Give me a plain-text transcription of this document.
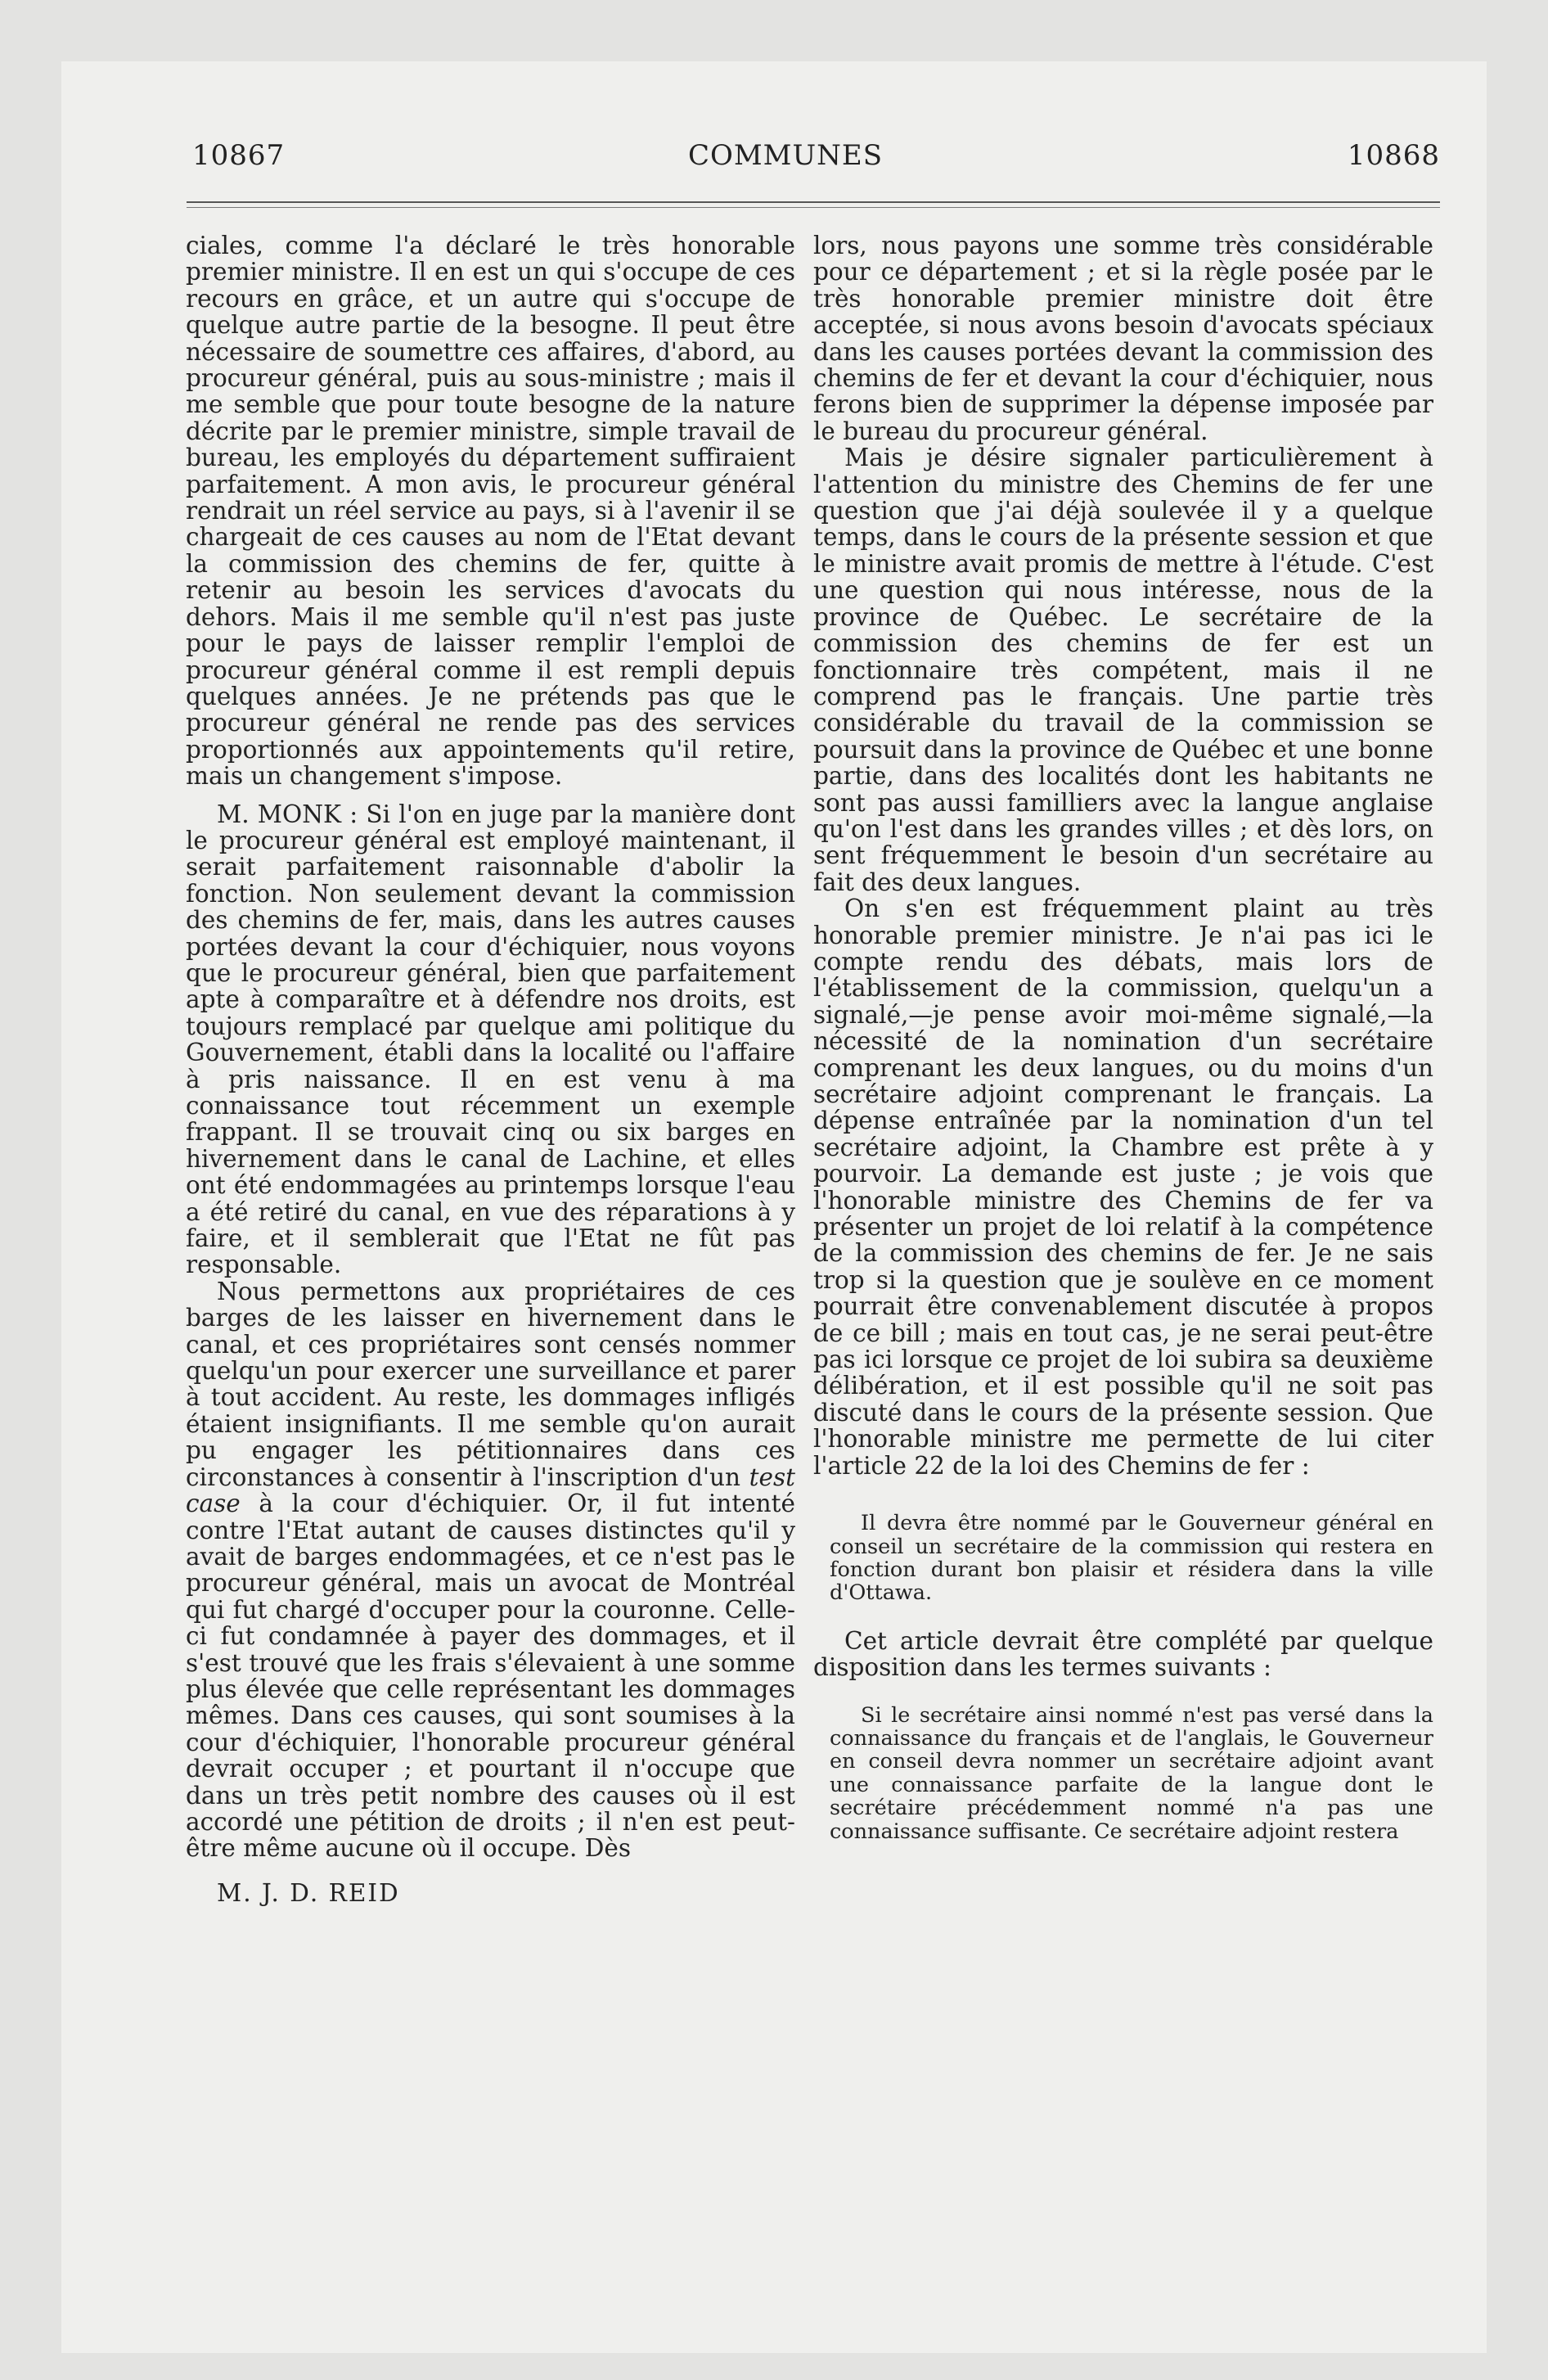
10867	COMMUNES	10868

ciales, comme l'a déclaré le très honorable premier ministre. Il en est un qui s'occupe de ces recours en grâce, et un autre qui s'occupe de quelque autre partie de la besogne. Il peut être nécessaire de soumettre ces affaires, d'abord, au procureur général, puis au sous-ministre ; mais il me semble que pour toute besogne de la nature décrite par le premier ministre, simple travail de bureau, les employés du département suffiraient parfaitement. A mon avis, le procureur général rendrait un réel service au pays, si à l'avenir il se chargeait de ces causes au nom de l'Etat devant la commission des chemins de fer, quitte à retenir au besoin les services d'avocats du dehors. Mais il me semble qu'il n'est pas juste pour le pays de laisser remplir l'emploi de procureur général comme il est rempli depuis quelques années. Je ne prétends pas que le procureur général ne rende pas des services proportionnés aux appointements qu'il retire, mais un changement s'impose.

M. MONK : Si l'on en juge par la manière dont le procureur général est employé maintenant, il serait parfaitement raisonnable d'abolir la fonction. Non seulement devant la commission des chemins de fer, mais, dans les autres causes portées devant la cour d'échiquier, nous voyons que le procureur général, bien que parfaitement apte à comparaître et à défendre nos droits, est toujours remplacé par quelque ami politique du Gouvernement, établi dans la localité ou l'affaire à pris naissance. Il en est venu à ma connaissance tout récemment un exemple frappant. Il se trouvait cinq ou six barges en hivernement dans le canal de Lachine, et elles ont été endommagées au printemps lorsque l'eau a été retiré du canal, en vue des réparations à y faire, et il semblerait que l'Etat ne fût pas responsable.

Nous permettons aux propriétaires de ces barges de les laisser en hivernement dans le canal, et ces propriétaires sont censés nommer quelqu'un pour exercer une surveillance et parer à tout accident. Au reste, les dommages infligés étaient insignifiants. Il me semble qu'on aurait pu engager les pétitionnaires dans ces circonstances à consentir à l'inscription d'un test case à la cour d'échiquier. Or, il fut intenté contre l'Etat autant de causes distinctes qu'il y avait de barges endommagées, et ce n'est pas le procureur général, mais un avocat de Montréal qui fut chargé d'occuper pour la couronne. Celle-ci fut condamnée à payer des dommages, et il s'est trouvé que les frais s'élevaient à une somme plus élevée que celle représentant les dommages mêmes. Dans ces causes, qui sont soumises à la cour d'échiquier, l'honorable procureur général devrait occuper ; et pourtant il n'occupe que dans un très petit nombre des causes où il est accordé une pétition de droits ; il n'en est peut-être même aucune où il occupe. Dès

M. J. D. REID

lors, nous payons une somme très considérable pour ce département ; et si la règle posée par le très honorable premier ministre doit être acceptée, si nous avons besoin d'avocats spéciaux dans les causes portées devant la commission des chemins de fer et devant la cour d'échiquier, nous ferons bien de supprimer la dépense imposée par le bureau du procureur général.

Mais je désire signaler particulièrement à l'attention du ministre des Chemins de fer une question que j'ai déjà soulevée il y a quelque temps, dans le cours de la présente session et que le ministre avait promis de mettre à l'étude. C'est une question qui nous intéresse, nous de la province de Québec. Le secrétaire de la commission des chemins de fer est un fonctionnaire très compétent, mais il ne comprend pas le français. Une partie très considérable du travail de la commission se poursuit dans la province de Québec et une bonne partie, dans des localités dont les habitants ne sont pas aussi familliers avec la langue anglaise qu'on l'est dans les grandes villes ; et dès lors, on sent fréquemment le besoin d'un secrétaire au fait des deux langues.

On s'en est fréquemment plaint au très honorable premier ministre. Je n'ai pas ici le compte rendu des débats, mais lors de l'établissement de la commission, quelqu'un a signalé,—je pense avoir moi-même signalé,—la nécessité de la nomination d'un secrétaire comprenant les deux langues, ou du moins d'un secrétaire adjoint comprenant le français. La dépense entraînée par la nomination d'un tel secrétaire adjoint, la Chambre est prête à y pourvoir. La demande est juste ; je vois que l'honorable ministre des Chemins de fer va présenter un projet de loi relatif à la compétence de la commission des chemins de fer. Je ne sais trop si la question que je soulève en ce moment pourrait être convenablement discutée à propos de ce bill ; mais en tout cas, je ne serai peut-être pas ici lorsque ce projet de loi subira sa deuxième délibération, et il est possible qu'il ne soit pas discuté dans le cours de la présente session. Que l'honorable ministre me permette de lui citer l'article 22 de la loi des Chemins de fer :

Il devra être nommé par le Gouverneur général en conseil un secrétaire de la commission qui restera en fonction durant bon plaisir et résidera dans la ville d'Ottawa.

Cet article devrait être complété par quelque disposition dans les termes suivants :

Si le secrétaire ainsi nommé n'est pas versé dans la connaissance du français et de l'anglais, le Gouverneur en conseil devra nommer un secrétaire adjoint avant une connaissance parfaite de la langue dont le secrétaire précédemment nommé n'a pas une connaissance suffisante. Ce secrétaire adjoint restera
